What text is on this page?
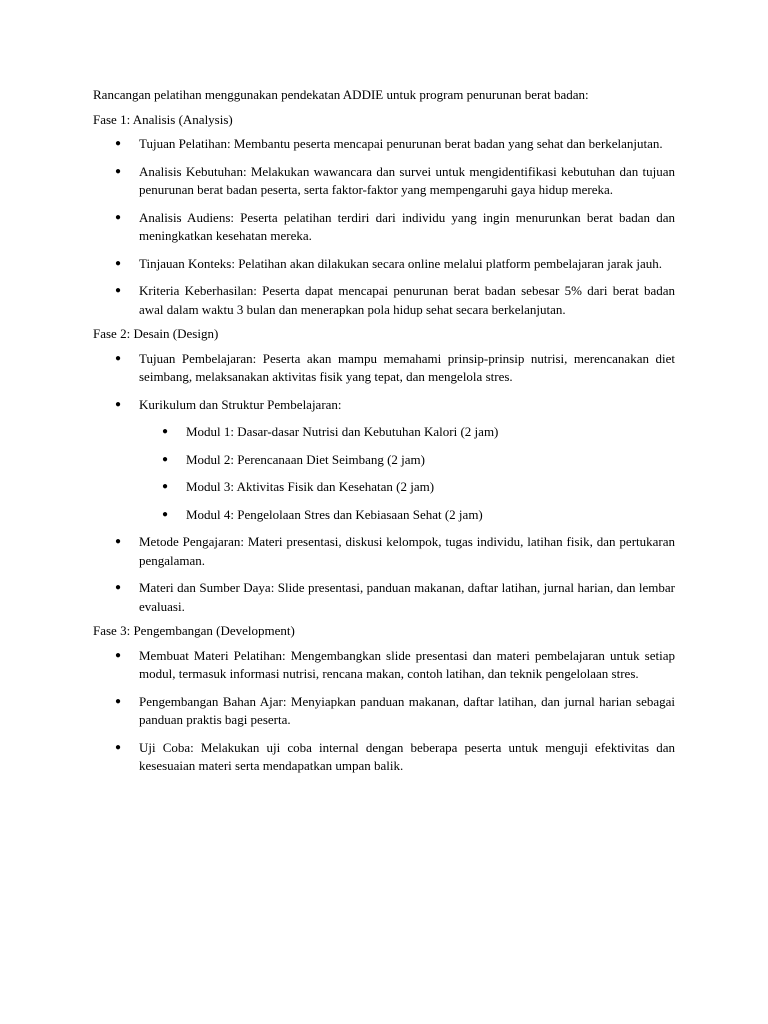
Rancangan pelatihan menggunakan pendekatan ADDIE untuk program penurunan berat badan:

Fase 1: Analisis (Analysis)

● Tujuan Pelatihan: Membantu peserta mencapai penurunan berat badan yang sehat dan berkelanjutan.
● Analisis Kebutuhan: Melakukan wawancara dan survei untuk mengidentifikasi kebutuhan dan tujuan penurunan berat badan peserta, serta faktor-faktor yang mempengaruhi gaya hidup mereka.
● Analisis Audiens: Peserta pelatihan terdiri dari individu yang ingin menurunkan berat badan dan meningkatkan kesehatan mereka.
● Tinjauan Konteks: Pelatihan akan dilakukan secara online melalui platform pembelajaran jarak jauh.
● Kriteria Keberhasilan: Peserta dapat mencapai penurunan berat badan sebesar 5% dari berat badan awal dalam waktu 3 bulan dan menerapkan pola hidup sehat secara berkelanjutan.

Fase 2: Desain (Design)

● Tujuan Pembelajaran: Peserta akan mampu memahami prinsip-prinsip nutrisi, merencanakan diet seimbang, melaksanakan aktivitas fisik yang tepat, dan mengelola stres.
● Kurikulum dan Struktur Pembelajaran:
● Modul 1: Dasar-dasar Nutrisi dan Kebutuhan Kalori (2 jam)
● Modul 2: Perencanaan Diet Seimbang (2 jam)
● Modul 3: Aktivitas Fisik dan Kesehatan (2 jam)
● Modul 4: Pengelolaan Stres dan Kebiasaan Sehat (2 jam)
● Metode Pengajaran: Materi presentasi, diskusi kelompok, tugas individu, latihan fisik, dan pertukaran pengalaman.
● Materi dan Sumber Daya: Slide presentasi, panduan makanan, daftar latihan, jurnal harian, dan lembar evaluasi.

Fase 3: Pengembangan (Development)

● Membuat Materi Pelatihan: Mengembangkan slide presentasi dan materi pembelajaran untuk setiap modul, termasuk informasi nutrisi, rencana makan, contoh latihan, dan teknik pengelolaan stres.
● Pengembangan Bahan Ajar: Menyiapkan panduan makanan, daftar latihan, dan jurnal harian sebagai panduan praktis bagi peserta.
● Uji Coba: Melakukan uji coba internal dengan beberapa peserta untuk menguji efektivitas dan kesesuaian materi serta mendapatkan umpan balik.
